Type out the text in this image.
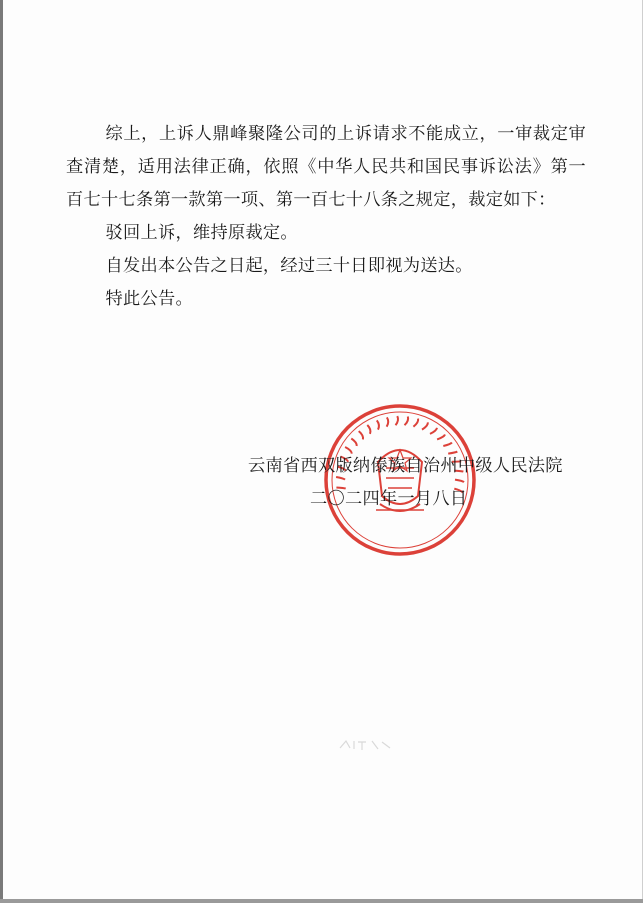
综上，上诉人鼎峰聚隆公司的上诉请求不能成立，一审裁定审查清楚，适用法律正确，依照《中华人民共和国民事诉讼法》第一百七十七条第一款第一项、第一百七十八条之规定，裁定如下：

驳回上诉，维持原裁定。

自发出本公告之日起，经过三十日即视为送达。

特此公告。

云南省西双版纳傣族自治州中级人民法院
二〇二四年一月八日
